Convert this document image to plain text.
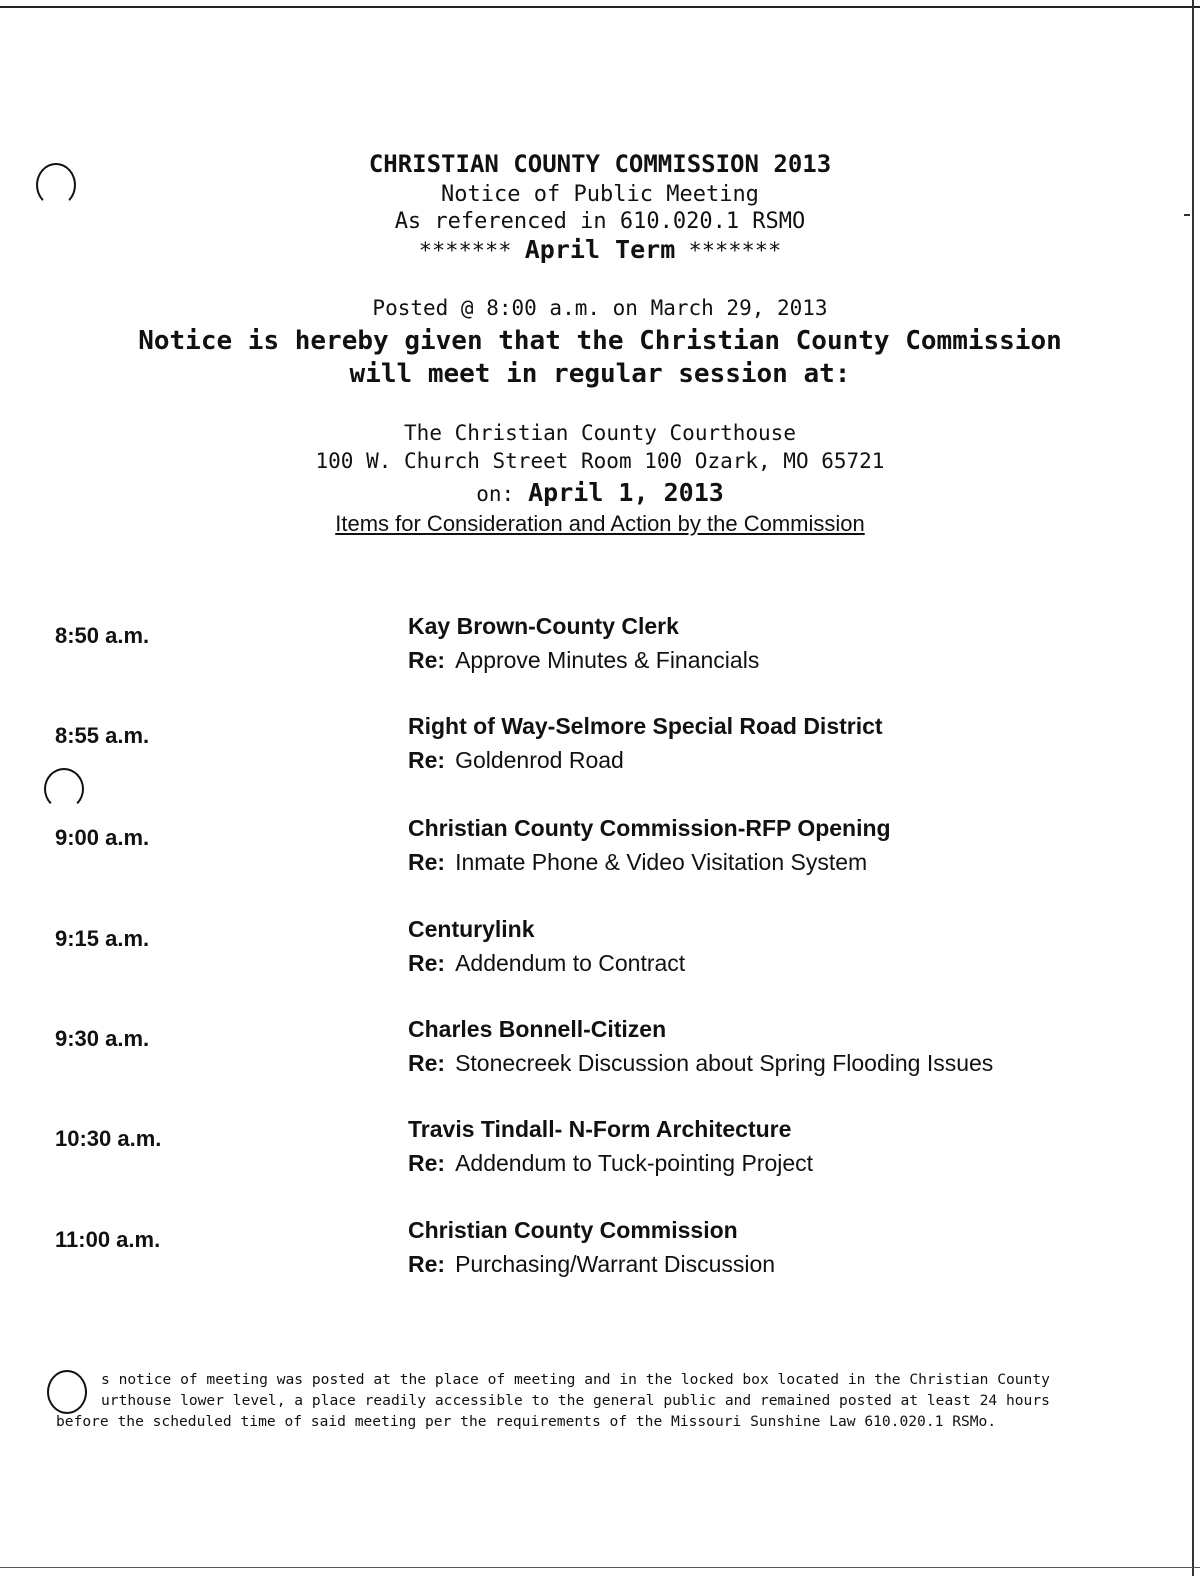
CHRISTIAN COUNTY COMMISSION 2013
Notice of Public Meeting
As referenced in 610.020.1 RSMO
******* April Term *******
Posted @ 8:00 a.m. on March 29, 2013
Notice is hereby given that the Christian County Commission
will meet in regular session at:
The Christian County Courthouse
100 W. Church Street Room 100 Ozark, MO 65721
on: April 1, 2013
Items for Consideration and Action by the Commission
8:50 a.m.	Kay Brown-County Clerk
Re: Approve Minutes & Financials
8:55 a.m.	Right of Way-Selmore Special Road District
Re: Goldenrod Road
9:00 a.m.	Christian County Commission-RFP Opening
Re: Inmate Phone & Video Visitation System
9:15 a.m.	Centurylink
Re: Addendum to Contract
9:30 a.m.	Charles Bonnell-Citizen
Re: Stonecreek Discussion about Spring Flooding Issues
10:30 a.m.	Travis Tindall- N-Form Architecture
Re: Addendum to Tuck-pointing Project
11:00 a.m.	Christian County Commission
Re: Purchasing/Warrant Discussion
s notice of meeting was posted at the place of meeting and in the locked box located in the Christian County
urthouse lower level, a place readily accessible to the general public and remained posted at least 24 hours
before the scheduled time of said meeting per the requirements of the Missouri Sunshine Law 610.020.1 RSMo.
